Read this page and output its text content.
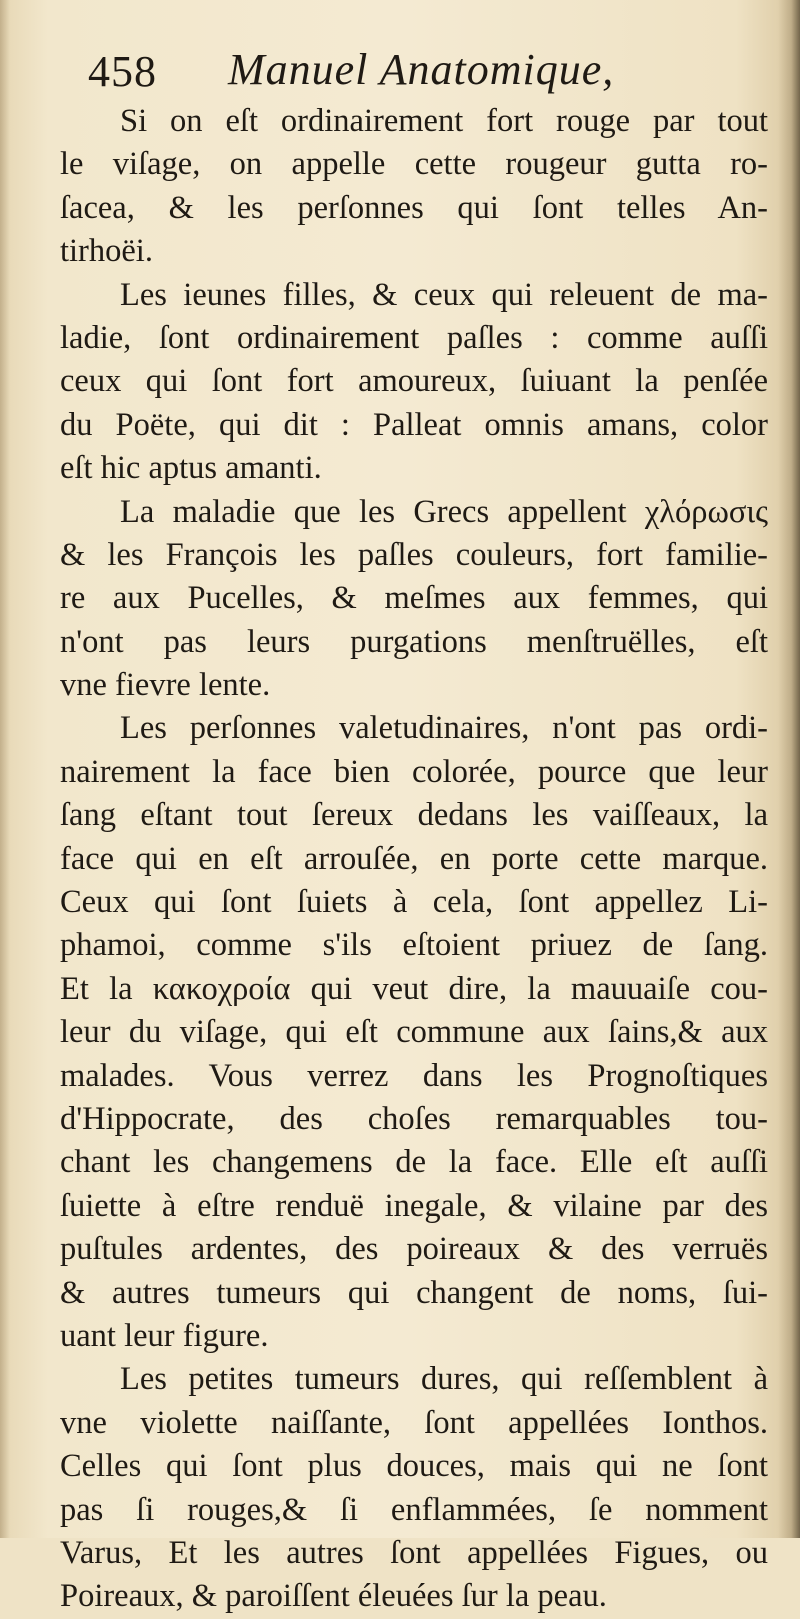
458 Manuel Anatomique,
Si on eſt ordinairement fort rouge par tout
le viſage, on appelle cette rougeur gutta ro-
ſacea, & les perſonnes qui ſont telles An-
tirhoëi.
Les ieunes filles, & ceux qui releuent de ma-
ladie, ſont ordinairement paſles : comme auſſi
ceux qui ſont fort amoureux, ſuiuant la penſée
du Poëte, qui dit : Palleat omnis amans, color
eſt hic aptus amanti.
La maladie que les Grecs appellent χλόρωσις
& les François les paſles couleurs, fort familie-
re aux Pucelles, & meſmes aux femmes, qui
n'ont pas leurs purgations menſtruëlles, eſt
vne fievre lente.
Les perſonnes valetudinaires, n'ont pas ordi-
nairement la face bien colorée, pource que leur
ſang eſtant tout ſereux dedans les vaiſſeaux, la
face qui en eſt arrouſée, en porte cette marque.
Ceux qui ſont ſuiets à cela, ſont appellez Li-
phamoi, comme s'ils eſtoient priuez de ſang.
Et la κακοχροία qui veut dire, la mauuaiſe cou-
leur du viſage, qui eſt commune aux ſains,& aux
malades. Vous verrez dans les Prognoſtiques
d'Hippocrate, des choſes remarquables tou-
chant les changemens de la face. Elle eſt auſſi
ſuiette à eſtre renduë inegale, & vilaine par des
puſtules ardentes, des poireaux & des verruës
& autres tumeurs qui changent de noms, ſui-
uant leur figure.
Les petites tumeurs dures, qui reſſemblent à
vne violette naiſſante, ſont appellées Ionthos.
Celles qui ſont plus douces, mais qui ne ſont
pas ſi rouges,& ſi enflammées, ſe nomment
Varus, Et les autres ſont appellées Figues, ou
Poireaux, & paroiſſent éleuées ſur la peau.
